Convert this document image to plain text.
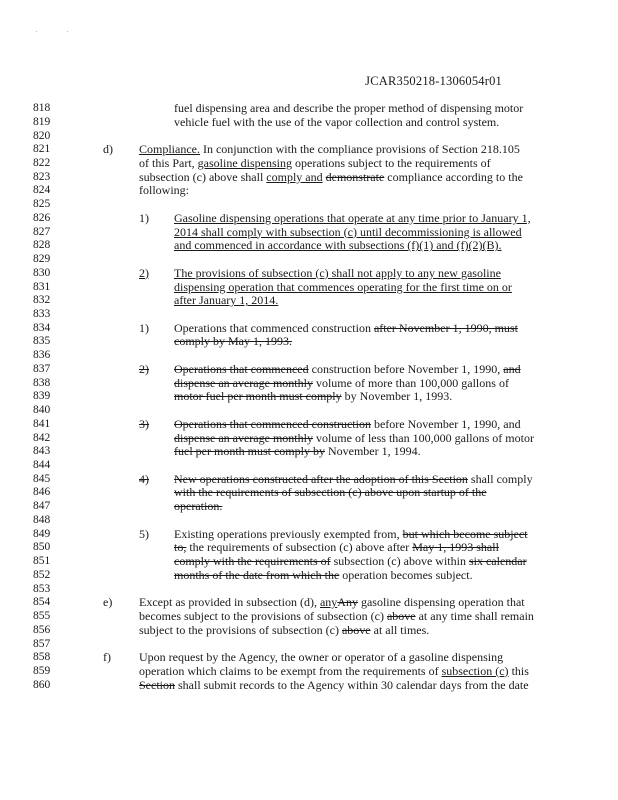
. .
JCAR350218-1306054r01
818	fuel dispensing area and describe the proper method of dispensing motor
819	vehicle fuel with the use of the vapor collection and control system.
820
821	d) Compliance. In conjunction with the compliance provisions of Section 218.105
822	of this Part, gasoline dispensing operations subject to the requirements of
823	subsection (c) above shall comply and demonstrate compliance according to the
824	following:
825
826	1) Gasoline dispensing operations that operate at any time prior to January 1,
827	2014 shall comply with subsection (c) until decommissioning is allowed
828	and commenced in accordance with subsections (f)(1) and (f)(2)(B).
829
830	2) The provisions of subsection (c) shall not apply to any new gasoline
831	dispensing operation that commences operating for the first time on or
832	after January 1, 2014.
833
834	1) Operations that commenced construction after November 1, 1990, must
835	comply by May 1, 1993.
836
837	2) Operations that commenced construction before November 1, 1990, and
838	dispense an average monthly volume of more than 100,000 gallons of
839	motor fuel per month must comply by November 1, 1993.
840
841	3) Operations that commenced construction before November 1, 1990, and
842	dispense an average monthly volume of less than 100,000 gallons of motor
843	fuel per month must comply by November 1, 1994.
844
845	4) New operations constructed after the adoption of this Section shall comply
846	with the requirements of subsection (c) above upon startup of the
847	operation.
848
849	5) Existing operations previously exempted from, but which become subject
850	to, the requirements of subsection (c) above after May 1, 1993 shall
851	comply with the requirements of subsection (c) above within six calendar
852	months of the date from which the operation becomes subject.
853
854	e) Except as provided in subsection (d), anyAny gasoline dispensing operation that
855	becomes subject to the provisions of subsection (c) above at any time shall remain
856	subject to the provisions of subsection (c) above at all times.
857
858	f) Upon request by the Agency, the owner or operator of a gasoline dispensing
859	operation which claims to be exempt from the requirements of subsection (c) this
860	Section shall submit records to the Agency within 30 calendar days from the date
